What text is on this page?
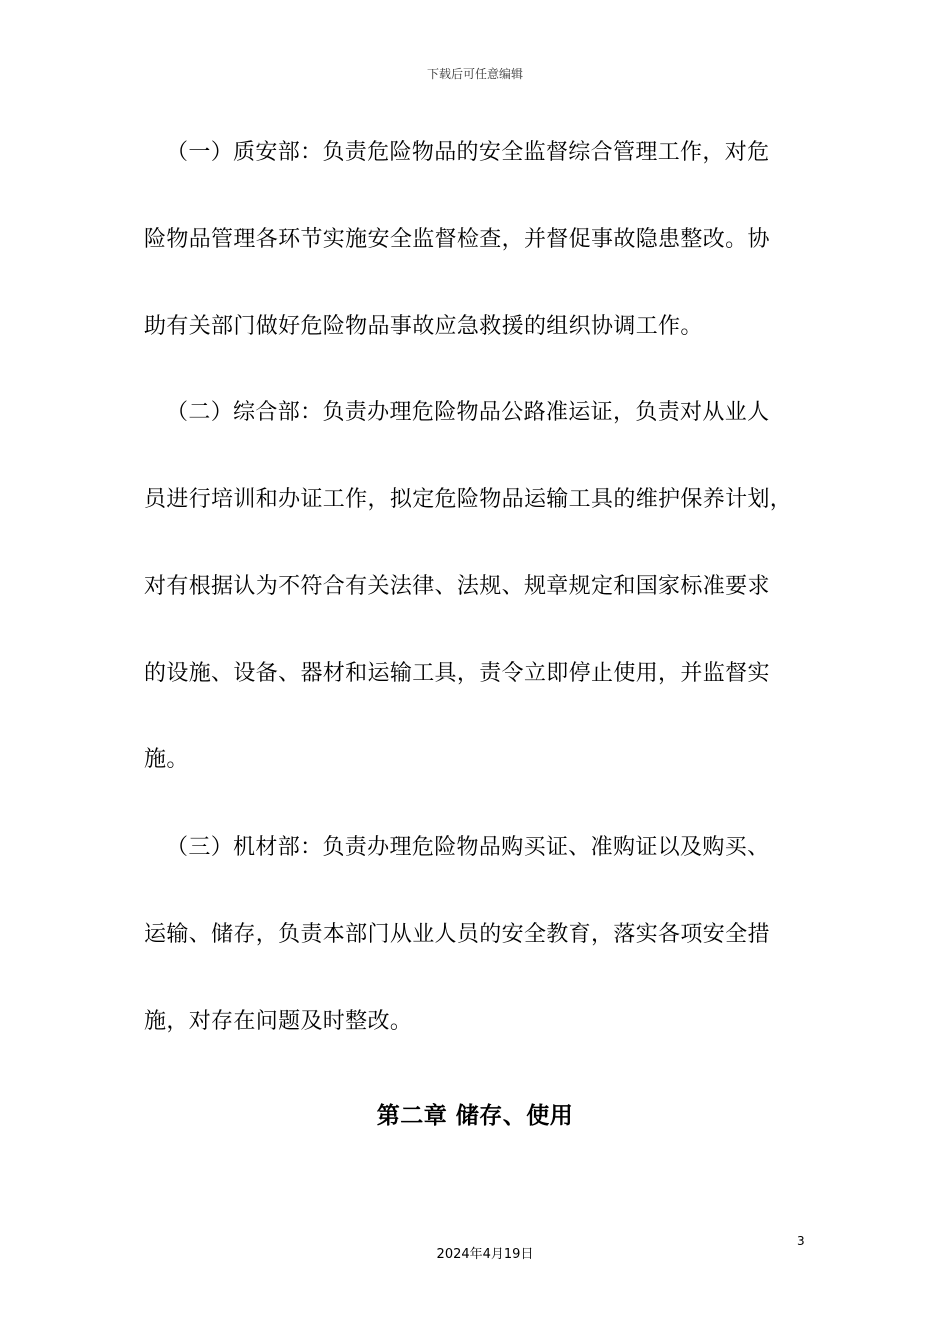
下载后可任意编辑
（一）质安部：负责危险物品的安全监督综合管理工作，对危
险物品管理各环节实施安全监督检查，并督促事故隐患整改。协
助有关部门做好危险物品事故应急救援的组织协调工作。
（二）综合部：负责办理危险物品公路准运证，负责对从业人
员进行培训和办证工作，拟定危险物品运输工具的维护保养计划，
对有根据认为不符合有关法律、法规、规章规定和国家标准要求
的设施、设备、器材和运输工具，责令立即停止使用，并监督实
施。
（三）机材部：负责办理危险物品购买证、准购证以及购买、
运输、储存，负责本部门从业人员的安全教育，落实各项安全措
施，对存在问题及时整改。
第二章 储存、使用
3
2024年4月19日
